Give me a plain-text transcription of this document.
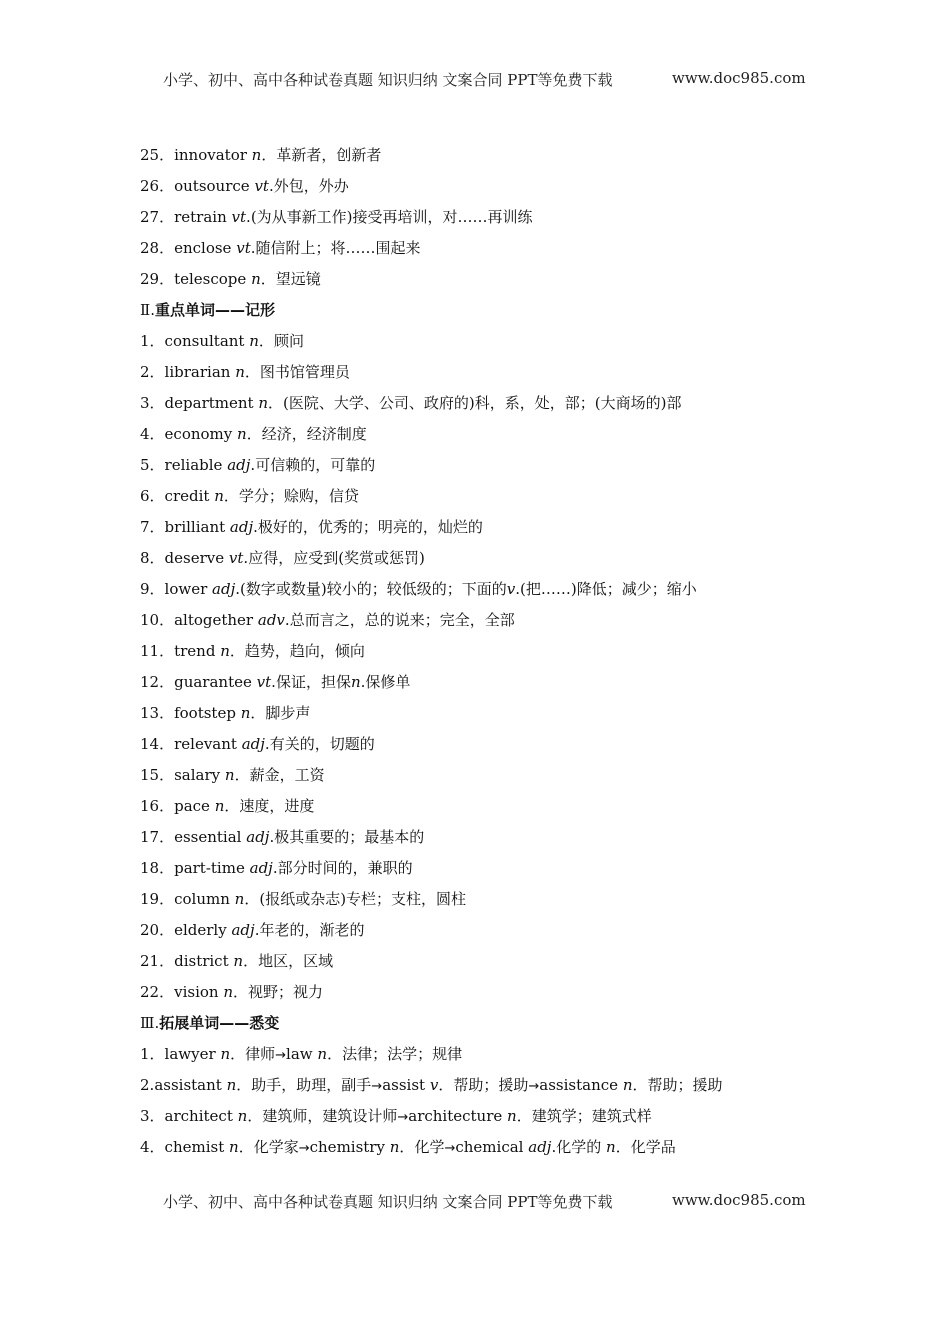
小学、初中、高中各种试卷真题 知识归纳 文案合同 PPT等免费下载	www.doc985.com
25．innovator n．革新者，创新者
26．outsource vt.外包，外办
27．retrain vt.(为从事新工作)接受再培训，对……再训练
28．enclose vt.随信附上；将……围起来
29．telescope n．望远镜
Ⅱ.重点单词——记形
1．consultant n．顾问
2．librarian n．图书馆管理员
3．department n．(医院、大学、公司、政府的)科，系，处，部；(大商场的)部
4．economy n．经济，经济制度
5．reliable adj.可信赖的，可靠的
6．credit n．学分；赊购，信贷
7．brilliant adj.极好的，优秀的；明亮的，灿烂的
8．deserve vt.应得，应受到(奖赏或惩罚)
9．lower adj.(数字或数量)较小的；较低级的；下面的v.(把……)降低；减少；缩小
10．altogether adv.总而言之，总的说来；完全，全部
11．trend n．趋势，趋向，倾向
12．guarantee vt.保证，担保n.保修单
13．footstep n．脚步声
14．relevant adj.有关的，切题的
15．salary n．薪金，工资
16．pace n．速度，进度
17．essential adj.极其重要的；最基本的
18．part-time adj.部分时间的，兼职的
19．column n．(报纸或杂志)专栏；支柱，圆柱
20．elderly adj.年老的，渐老的
21．district n．地区，区域
22．vision n．视野；视力
Ⅲ.拓展单词——悉变
1．lawyer n．律师→law n．法律；法学；规律
2.assistant n．助手，助理，副手→assist v．帮助；援助→assistance n．帮助；援助
3．architect n．建筑师，建筑设计师→architecture n．建筑学；建筑式样
4．chemist n．化学家→chemistry n．化学→chemical adj.化学的 n．化学品
小学、初中、高中各种试卷真题 知识归纳 文案合同 PPT等免费下载	www.doc985.com
